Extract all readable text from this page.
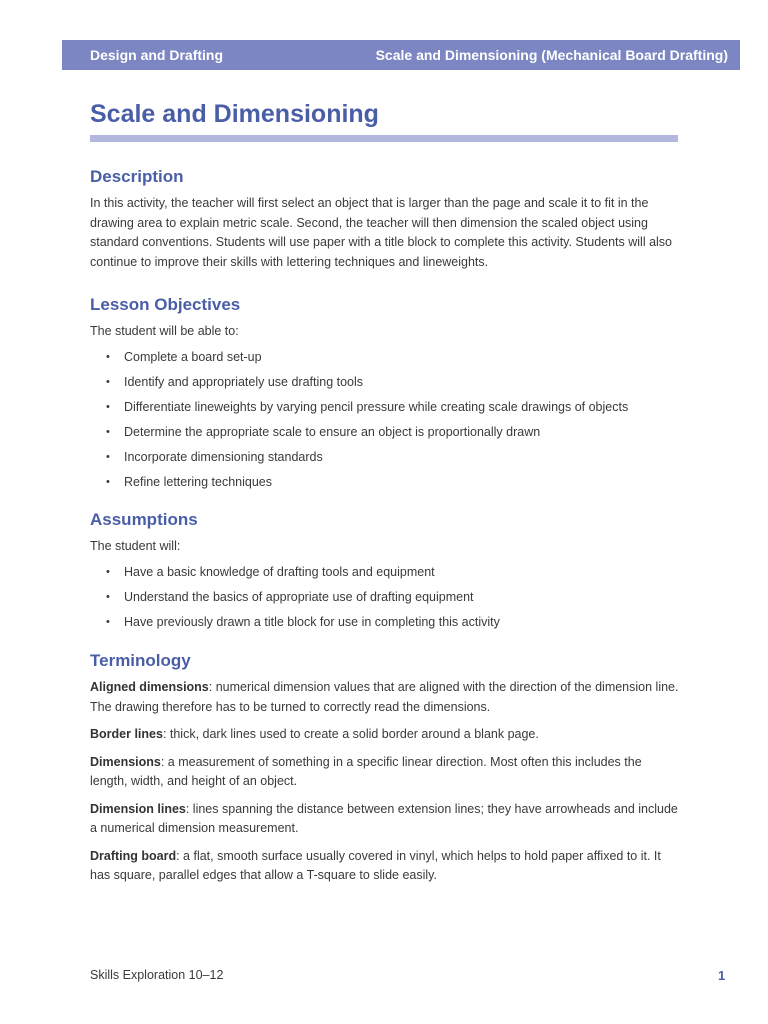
Design and Drafting	Scale and Dimensioning (Mechanical Board Drafting)
Scale and Dimensioning
Description

In this activity, the teacher will first select an object that is larger than the page and scale it to fit in the drawing area to explain metric scale. Second, the teacher will then dimension the scaled object using standard conventions. Students will use paper with a title block to complete this activity. Students will also continue to improve their skills with lettering techniques and lineweights.

Lesson Objectives

The student will be able to:

• Complete a board set-up
• Identify and appropriately use drafting tools
• Differentiate lineweights by varying pencil pressure while creating scale drawings of objects
• Determine the appropriate scale to ensure an object is proportionally drawn
• Incorporate dimensioning standards
• Refine lettering techniques
Assumptions

The student will:

• Have a basic knowledge of drafting tools and equipment
• Understand the basics of appropriate use of drafting equipment
• Have previously drawn a title block for use in completing this activity
Terminology

Aligned dimensions: numerical dimension values that are aligned with the direction of the dimension line. The drawing therefore has to be turned to correctly read the dimensions.

Border lines: thick, dark lines used to create a solid border around a blank page.

Dimensions: a measurement of something in a specific linear direction. Most often this includes the length, width, and height of an object.

Dimension lines: lines spanning the distance between extension lines; they have arrowheads and include a numerical dimension measurement.

Drafting board: a flat, smooth surface usually covered in vinyl, which helps to hold paper affixed to it. It has square, parallel edges that allow a T-square to slide easily.

Skills Exploration 10–12	1
